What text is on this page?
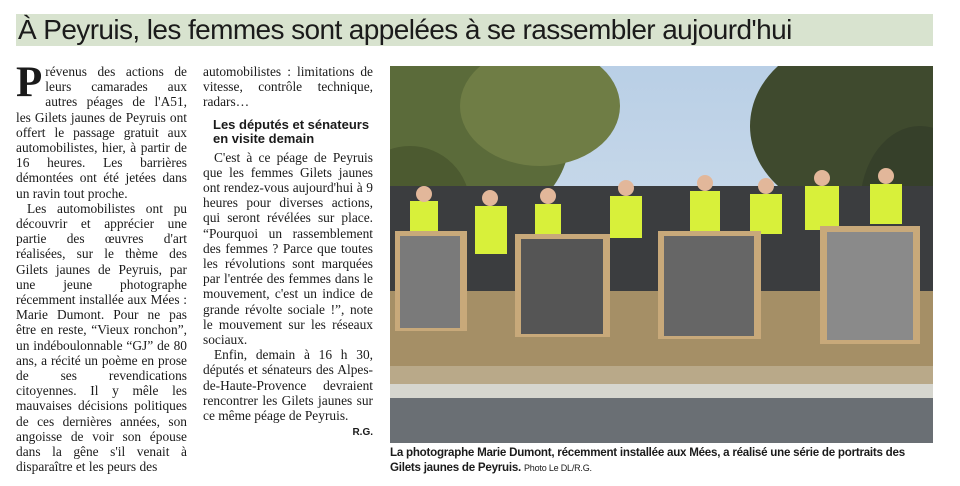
À Peyruis, les femmes sont appelées à se rassembler aujourd'hui

Prévenus des actions de leurs camarades aux autres péages de l'A51, les Gilets jaunes de Peyruis ont offert le passage gratuit aux automobilistes, hier, à partir de 16 heures. Les barrières démontées ont été jetées dans un ravin tout proche.

Les automobilistes ont pu découvrir et apprécier une partie des œuvres d'art réalisées, sur le thème des Gilets jaunes de Peyruis, par une jeune photographe récemment installée aux Mées : Marie Dumont. Pour ne pas être en reste, “Vieux ronchon”, un indéboulonnable “GJ” de 80 ans, a récité un poème en prose de ses revendications citoyennes. Il y mêle les mauvaises décisions politiques de ces dernières années, son angoisse de voir son épouse dans la gêne s'il venait à disparaître et les peurs des

automobilistes : limitations de vitesse, contrôle technique, radars…

Les députés et sénateurs en visite demain

C'est à ce péage de Peyruis que les femmes Gilets jaunes ont rendez-vous aujourd'hui à 9 heures pour diverses actions, qui seront révélées sur place. “Pourquoi un rassemblement des femmes ? Parce que toutes les révolutions sont marquées par l'entrée des femmes dans le mouvement, c'est un indice de grande révolte sociale !”, note le mouvement sur les réseaux sociaux.

Enfin, demain à 16 h 30, députés et sénateurs des Alpes-de-Haute-Provence devraient rencontrer les Gilets jaunes sur ce même péage de Peyruis.

R.G.
La photographe Marie Dumont, récemment installée aux Mées, a réalisé une série de portraits des Gilets jaunes de Peyruis. Photo Le DL/R.G.
